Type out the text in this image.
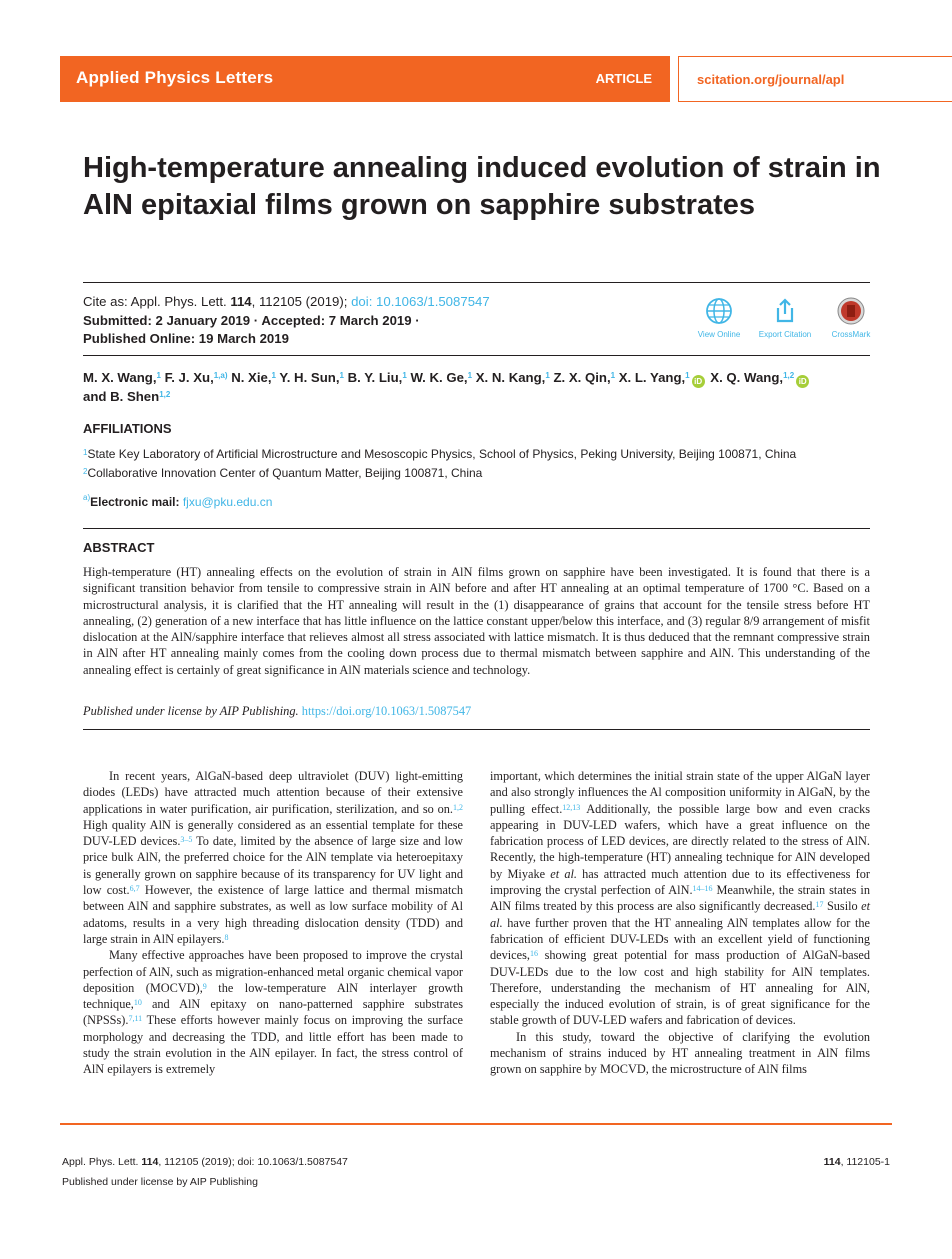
Applied Physics Letters	ARTICLE	scitation.org/journal/apl
High-temperature annealing induced evolution of strain in AlN epitaxial films grown on sapphire substrates
Cite as: Appl. Phys. Lett. 114, 112105 (2019); doi: 10.1063/1.5087547
Submitted: 2 January 2019 · Accepted: 7 March 2019 ·
Published Online: 19 March 2019	View Online	Export Citation	CrossMark
M. X. Wang,$^1$ F. J. Xu,$^{1,a)}$ N. Xie,$^1$ Y. H. Sun,$^1$ B. Y. Liu,$^1$ W. K. Ge,$^1$ X. N. Kang,$^1$ Z. X. Qin,$^1$ X. L. Yang,$^1$iD X. Q. Wang,$^{1,2}$iD
and B. Shen$^{1,2}$
AFFILIATIONS
$^1$State Key Laboratory of Artificial Microstructure and Mesoscopic Physics, School of Physics, Peking University, Beijing 100871, China
$^2$Collaborative Innovation Center of Quantum Matter, Beijing 100871, China
$^{a)}$Electronic mail: fjxu@pku.edu.cn
ABSTRACT
High-temperature (HT) annealing effects on the evolution of strain in AlN films grown on sapphire have been investigated. It is found that there is a significant transition behavior from tensile to compressive strain in AlN before and after HT annealing at an optimal temperature of 1700 °C. Based on a microstructural analysis, it is clarified that the HT annealing will result in the (1) disappearance of grains that account for the tensile stress before HT annealing, (2) generation of a new interface that has little influence on the lattice constant upper/below this interface, and (3) regular 8/9 arrangement of misfit dislocation at the AlN/sapphire interface that relieves almost all stress associated with lattice mismatch. It is thus deduced that the remnant compressive strain in AlN after HT annealing mainly comes from the cooling down process due to thermal mismatch between sapphire and AlN. This understanding of the annealing effect is certainly of great significance in AlN materials science and technology.
Published under license by AIP Publishing. https://doi.org/10.1063/1.5087547

In recent years, AlGaN-based deep ultraviolet (DUV) light-emitting diodes (LEDs) have attracted much attention because of their extensive applications in water purification, air purification, sterilization, and so on.$^{1,2}$ High quality AlN is generally considered as an essential template for these DUV-LED devices.$^{3-5}$ To date, limited by the absence of large size and low price bulk AlN, the preferred choice for the AlN template via heteroepitaxy is generally grown on sapphire because of its transparency for UV light and low cost.$^{6,7}$ However, the existence of large lattice and thermal mismatch between AlN and sapphire substrates, as well as low surface mobility of Al adatoms, results in a very high threading dislocation density (TDD) and large strain in AlN epilayers.$^8$

Many effective approaches have been proposed to improve the crystal perfection of AlN, such as migration-enhanced metal organic chemical vapor deposition (MOCVD),$^9$ the low-temperature AlN interlayer growth technique,$^{10}$ and AlN epitaxy on nano-patterned sapphire substrates (NPSSs).$^{7,11}$ These efforts however mainly focus on improving the surface morphology and decreasing the TDD, and little effort has been made to study the strain evolution in the AlN epilayer. In fact, the stress control of AlN epilayers is extremely

important, which determines the initial strain state of the upper AlGaN layer and also strongly influences the Al composition uniformity in AlGaN, by the pulling effect.$^{12,13}$ Additionally, the possible large bow and even cracks appearing in DUV-LED wafers, which have a great influence on the fabrication process of LED devices, are directly related to the stress of AlN. Recently, the high-temperature (HT) annealing technique for AlN developed by Miyake et al. has attracted much attention due to its effectiveness for improving the crystal perfection of AlN.$^{14-16}$ Meanwhile, the strain states in AlN films treated by this process are also significantly decreased.$^{17}$ Susilo et al. have further proven that the HT annealing AlN templates allow for the fabrication of efficient DUV-LEDs with an excellent yield of functioning devices,$^{16}$ showing great potential for mass production of AlGaN-based DUV-LEDs due to the low cost and high stability for AlN templates. Therefore, understanding the mechanism of HT annealing for AlN, especially the induced evolution of strain, is of great significance for the stable growth of DUV-LED wafers and fabrication of devices.

In this study, toward the objective of clarifying the evolution mechanism of strains induced by HT annealing treatment in AlN films grown on sapphire by MOCVD, the microstructure of AlN films

Appl. Phys. Lett. 114, 112105 (2019); doi: 10.1063/1.5087547
Published under license by AIP Publishing
114, 112105-1
